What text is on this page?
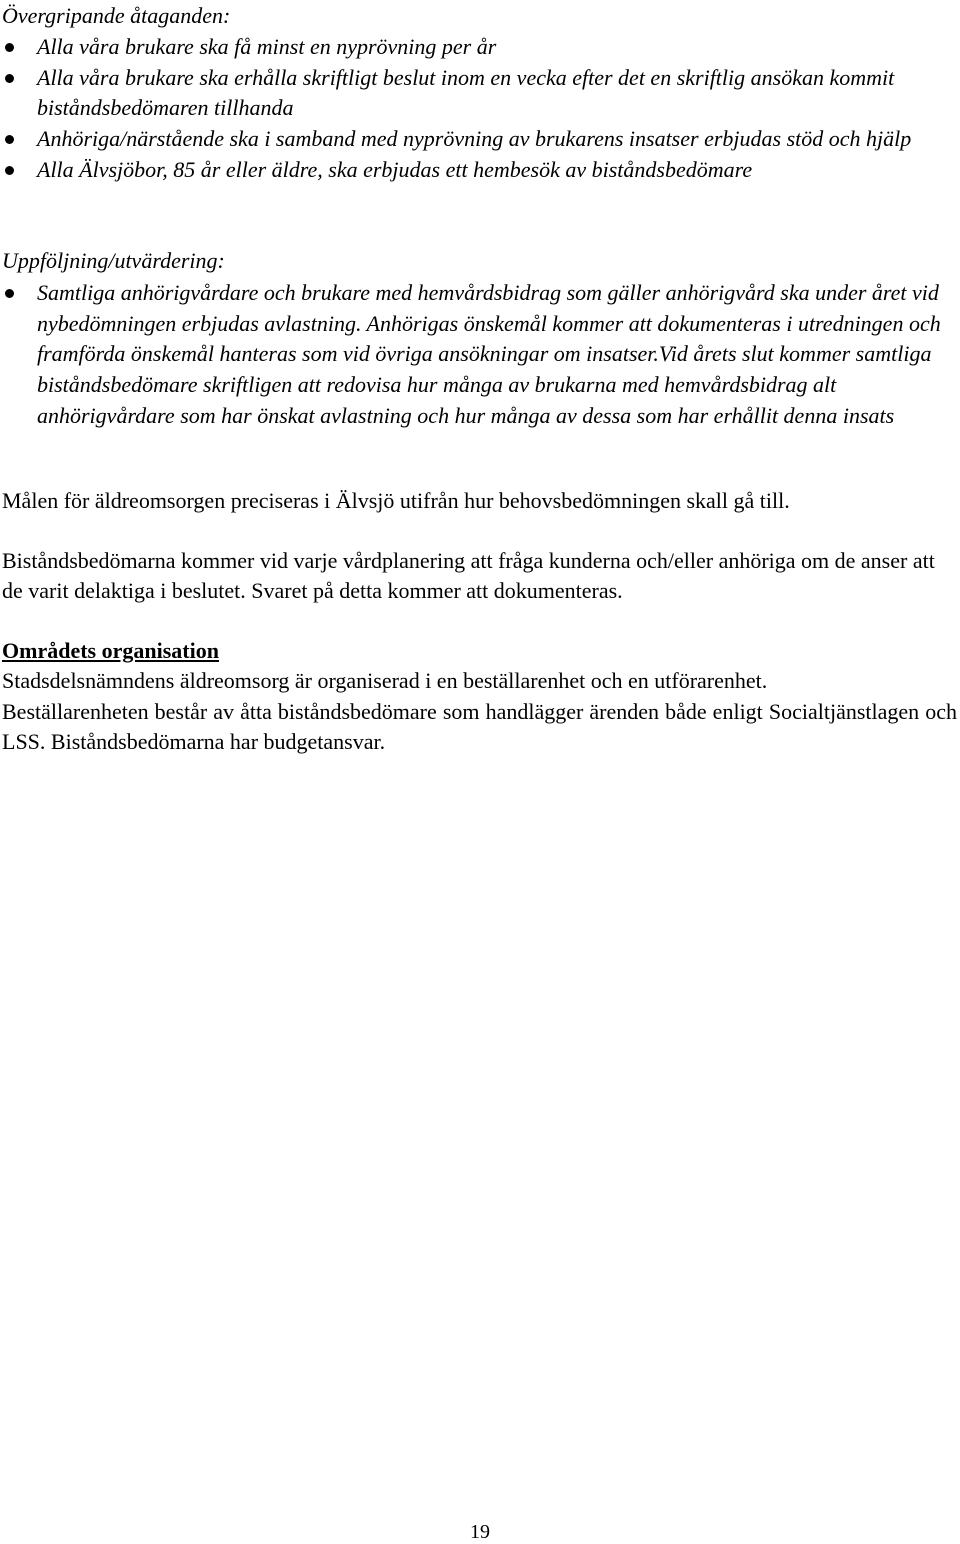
Övergripande åtaganden:
Alla våra brukare ska få minst en nyprövning per år
Alla våra brukare ska erhålla skriftligt beslut inom en vecka efter det en skriftlig ansökan kommit biståndsbedömaren tillhanda
Anhöriga/närstående ska i samband med nyprövning av brukarens insatser erbjudas stöd och hjälp
Alla Älvsjöbor, 85 år eller äldre, ska erbjudas ett hembesök av biståndsbedömare
Uppföljning/utvärdering:
Samtliga anhörigvårdare och brukare med hemvårdsbidrag som gäller anhörigvård ska under året vid nybedömningen erbjudas avlastning. Anhörigas önskemål kommer att dokumenteras i utredningen och framförda önskemål hanteras som vid övriga ansökningar om insatser.Vid årets slut kommer samtliga biståndsbedömare skriftligen att redovisa hur många av brukarna med hemvårdsbidrag alt anhörigvårdare som har önskat avlastning och hur många av dessa som har erhållit denna insats

Målen för äldreomsorgen preciseras i Älvsjö utifrån hur behovsbedömningen skall gå till.

Biståndsbedömarna kommer vid varje vårdplanering att fråga kunderna och/eller anhöriga om de anser att de varit delaktiga i beslutet. Svaret på detta kommer att dokumenteras.

Områdets organisation

Stadsdelsnämndens äldreomsorg är organiserad i en beställarenhet och en utförarenhet.

Beställarenheten består av åtta biståndsbedömare som handlägger ärenden både enligt Socialtjänstlagen och LSS. Biståndsbedömarna har budgetansvar.

19
